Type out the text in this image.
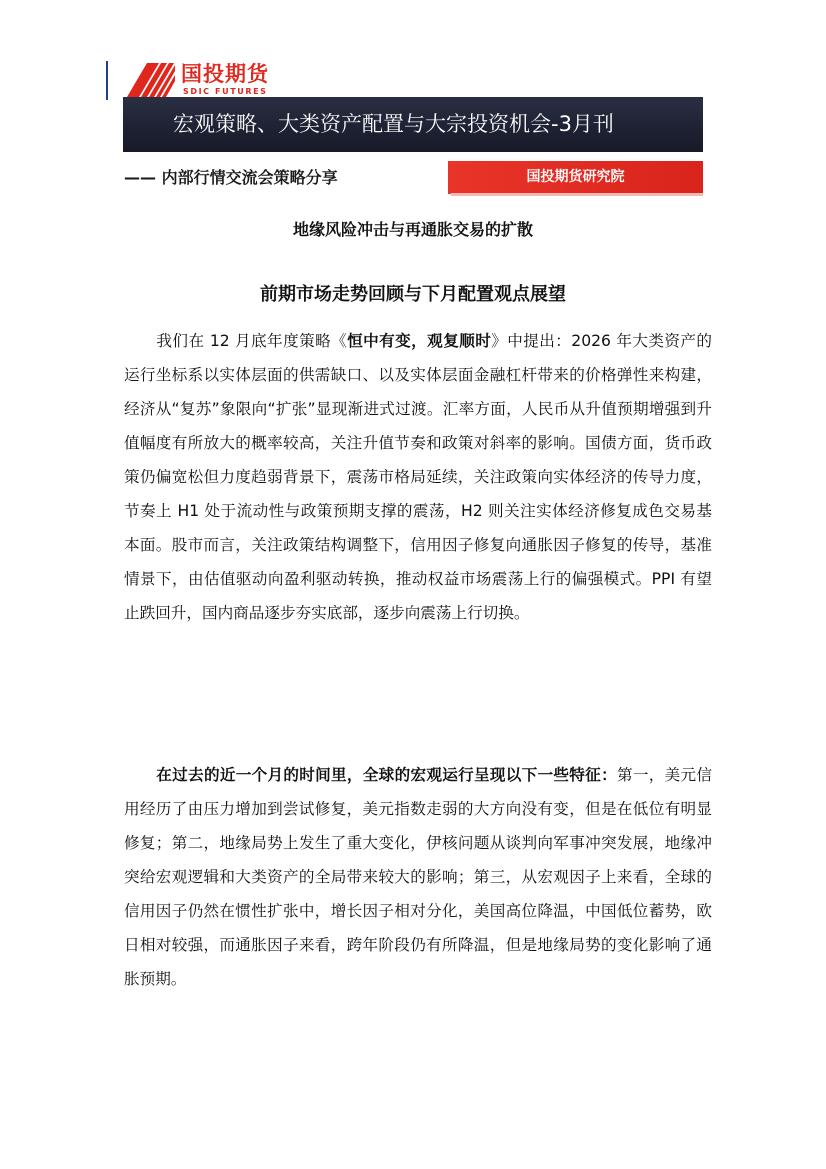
国投期货
SDIC FUTURES
宏观策略、大类资产配置与大宗投资机会-3月刊
—— 内部行情交流会策略分享	国投期货研究院
地缘风险冲击与再通胀交易的扩散
前期市场走势回顾与下月配置观点展望

我们在 12 月底年度策略《恒中有变，观复顺时》中提出：2026 年大类资产的运行坐标系以实体层面的供需缺口、以及实体层面金融杠杆带来的价格弹性来构建，经济从“复苏”象限向“扩张”显现渐进式过渡。汇率方面，人民币从升值预期增强到升值幅度有所放大的概率较高，关注升值节奏和政策对斜率的影响。国债方面，货币政策仍偏宽松但力度趋弱背景下，震荡市格局延续，关注政策向实体经济的传导力度，节奏上 H1 处于流动性与政策预期支撑的震荡，H2 则关注实体经济修复成色交易基本面。股市而言，关注政策结构调整下，信用因子修复向通胀因子修复的传导，基准情景下，由估值驱动向盈利驱动转换，推动权益市场震荡上行的偏强模式。PPI 有望止跌回升，国内商品逐步夯实底部，逐步向震荡上行切换。

在过去的近一个月的时间里，全球的宏观运行呈现以下一些特征：第一，美元信用经历了由压力增加到尝试修复，美元指数走弱的大方向没有变，但是在低位有明显修复；第二，地缘局势上发生了重大变化，伊核问题从谈判向军事冲突发展，地缘冲突给宏观逻辑和大类资产的全局带来较大的影响；第三，从宏观因子上来看，全球的信用因子仍然在惯性扩张中，增长因子相对分化，美国高位降温，中国低位蓄势，欧日相对较强，而通胀因子来看，跨年阶段仍有所降温，但是地缘局势的变化影响了通胀预期。
